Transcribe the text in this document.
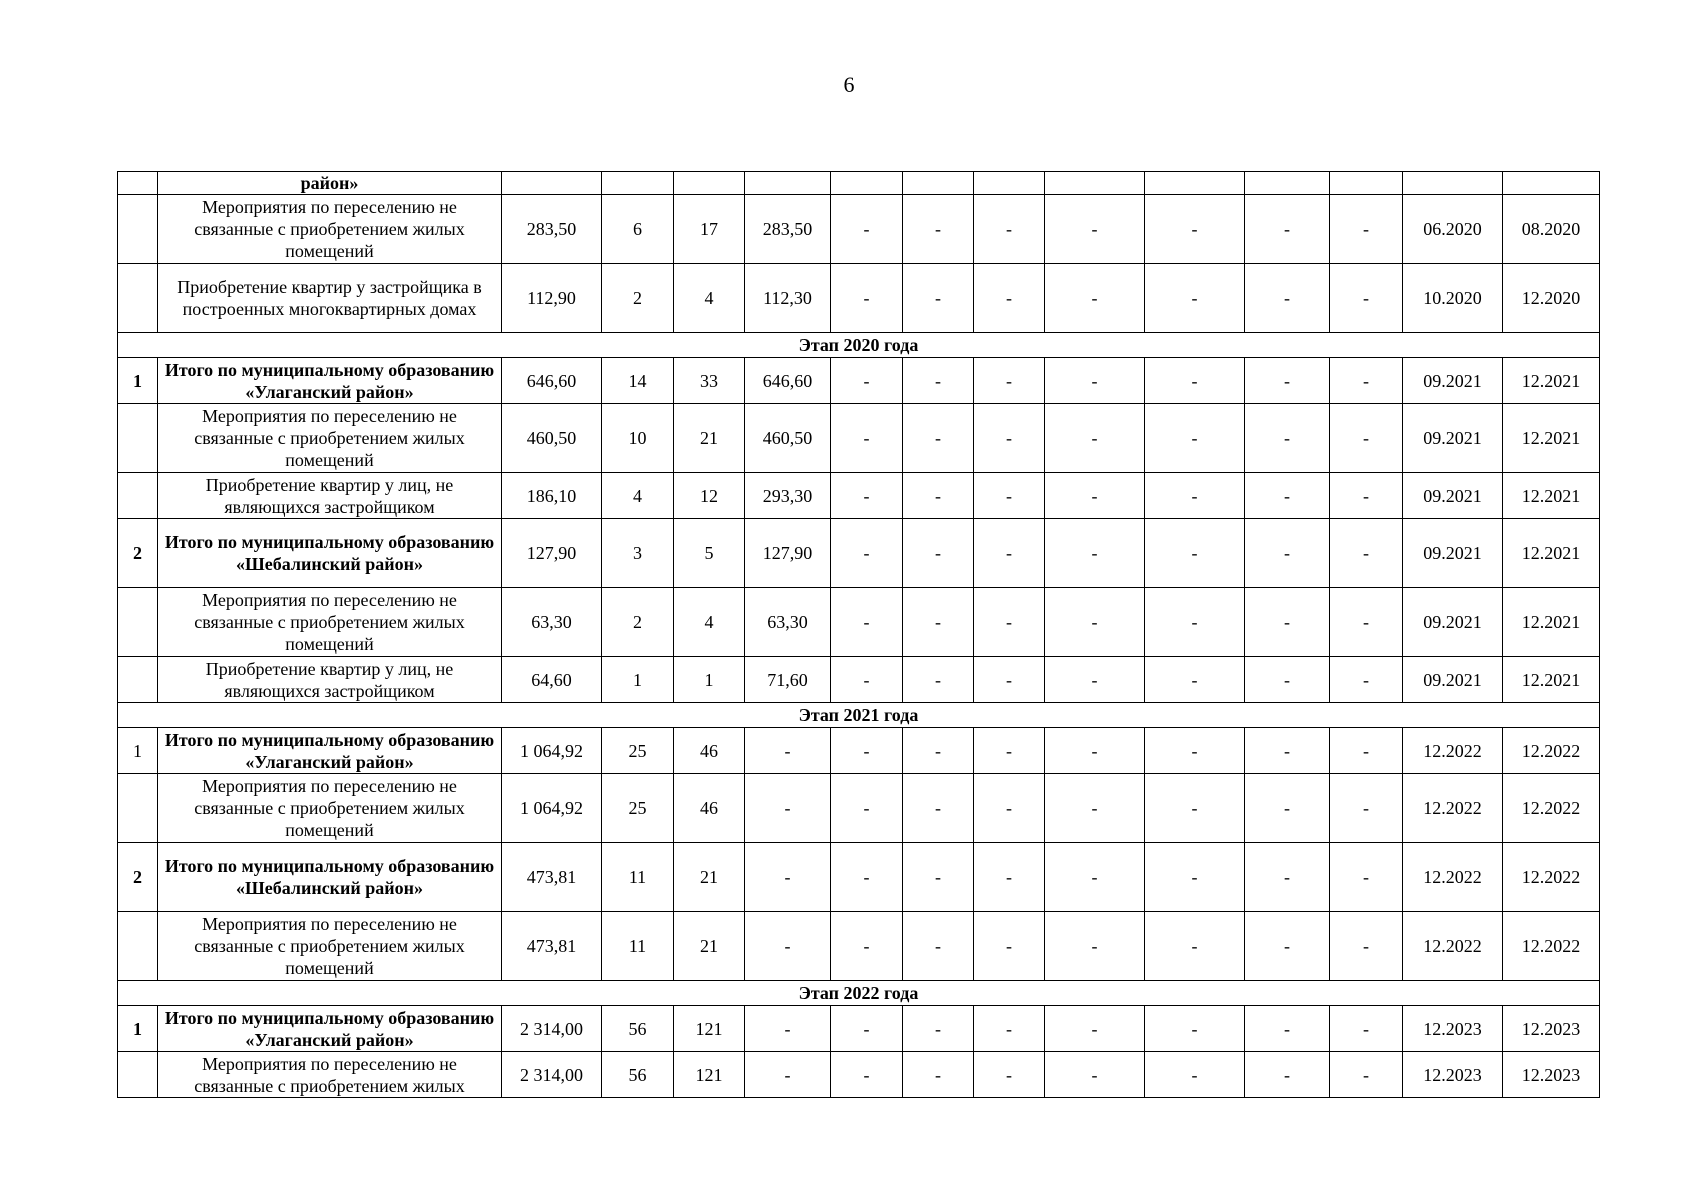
6
	район»													
	Мероприятия по переселению не связанные с приобретением жилых помещений	283,50	6	17	283,50	-	-	-	-	-	-	-	06.2020	08.2020
	Приобретение квартир у застройщика в построенных многоквартирных домах	112,90	2	4	112,30	-	-	-	-	-	-	-	10.2020	12.2020
Этап 2020 года														
1	Итого по муниципальному образованию «Улаганский район»	646,60	14	33	646,60	-	-	-	-	-	-	-	09.2021	12.2021
	Мероприятия по переселению не связанные с приобретением жилых помещений	460,50	10	21	460,50	-	-	-	-	-	-	-	09.2021	12.2021
	Приобретение квартир у лиц, не являющихся застройщиком	186,10	4	12	293,30	-	-	-	-	-	-	-	09.2021	12.2021
2	Итого по муниципальному образованию «Шебалинский район»	127,90	3	5	127,90	-	-	-	-	-	-	-	09.2021	12.2021
	Мероприятия по переселению не связанные с приобретением жилых помещений	63,30	2	4	63,30	-	-	-	-	-	-	-	09.2021	12.2021
	Приобретение квартир у лиц, не являющихся застройщиком	64,60	1	1	71,60	-	-	-	-	-	-	-	09.2021	12.2021
Этап 2021 года														
1	Итого по муниципальному образованию «Улаганский район»	1 064,92	25	46	-	-	-	-	-	-	-	-	12.2022	12.2022
	Мероприятия по переселению не связанные с приобретением жилых помещений	1 064,92	25	46	-	-	-	-	-	-	-	-	12.2022	12.2022
2	Итого по муниципальному образованию «Шебалинский район»	473,81	11	21	-	-	-	-	-	-	-	-	12.2022	12.2022
	Мероприятия по переселению не связанные с приобретением жилых помещений	473,81	11	21	-	-	-	-	-	-	-	-	12.2022	12.2022
Этап 2022 года														
1	Итого по муниципальному образованию «Улаганский район»	2 314,00	56	121	-	-	-	-	-	-	-	-	12.2023	12.2023
	Мероприятия по переселению не связанные с приобретением жилых	2 314,00	56	121	-	-	-	-	-	-	-	-	12.2023	12.2023
